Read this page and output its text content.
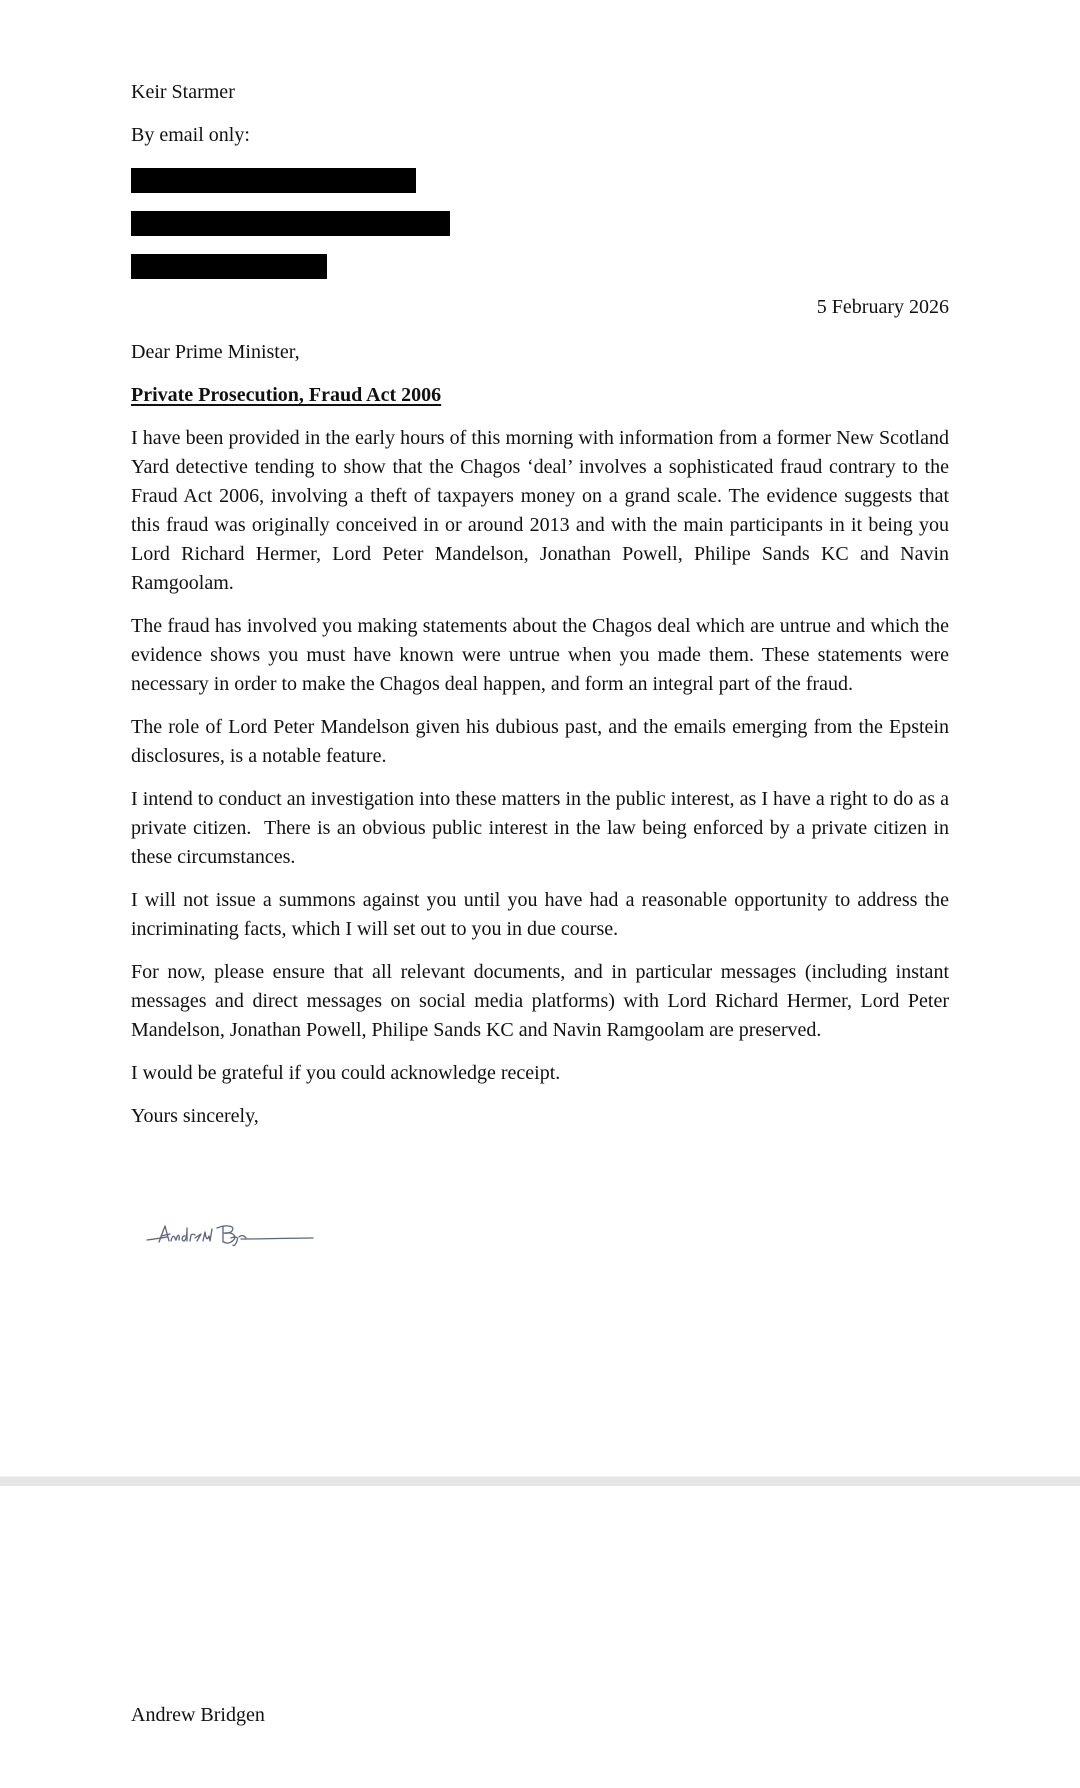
Keir Starmer

By email only:

5 February 2026

Dear Prime Minister,

Private Prosecution, Fraud Act 2006

I have been provided in the early hours of this morning with information from a former New Scotland Yard detective tending to show that the Chagos ‘deal’ involves a sophisticated fraud contrary to the Fraud Act 2006, involving a theft of taxpayers money on a grand scale. The evidence suggests that this fraud was originally conceived in or around 2013 and with the main participants in it being you Lord Richard Hermer, Lord Peter Mandelson, Jonathan Powell, Philipe Sands KC and Navin Ramgoolam.

The fraud has involved you making statements about the Chagos deal which are untrue and which the evidence shows you must have known were untrue when you made them. These statements were necessary in order to make the Chagos deal happen, and form an integral part of the fraud.

The role of Lord Peter Mandelson given his dubious past, and the emails emerging from the Epstein disclosures, is a notable feature.

I intend to conduct an investigation into these matters in the public interest, as I have a right to do as a private citizen.  There is an obvious public interest in the law being enforced by a private citizen in these circumstances.

I will not issue a summons against you until you have had a reasonable opportunity to address the incriminating facts, which I will set out to you in due course.

For now, please ensure that all relevant documents, and in particular messages (including instant messages and direct messages on social media platforms) with Lord Richard Hermer, Lord Peter Mandelson, Jonathan Powell, Philipe Sands KC and Navin Ramgoolam are preserved.

I would be grateful if you could acknowledge receipt.

Yours sincerely,

Andrew Bridgen
